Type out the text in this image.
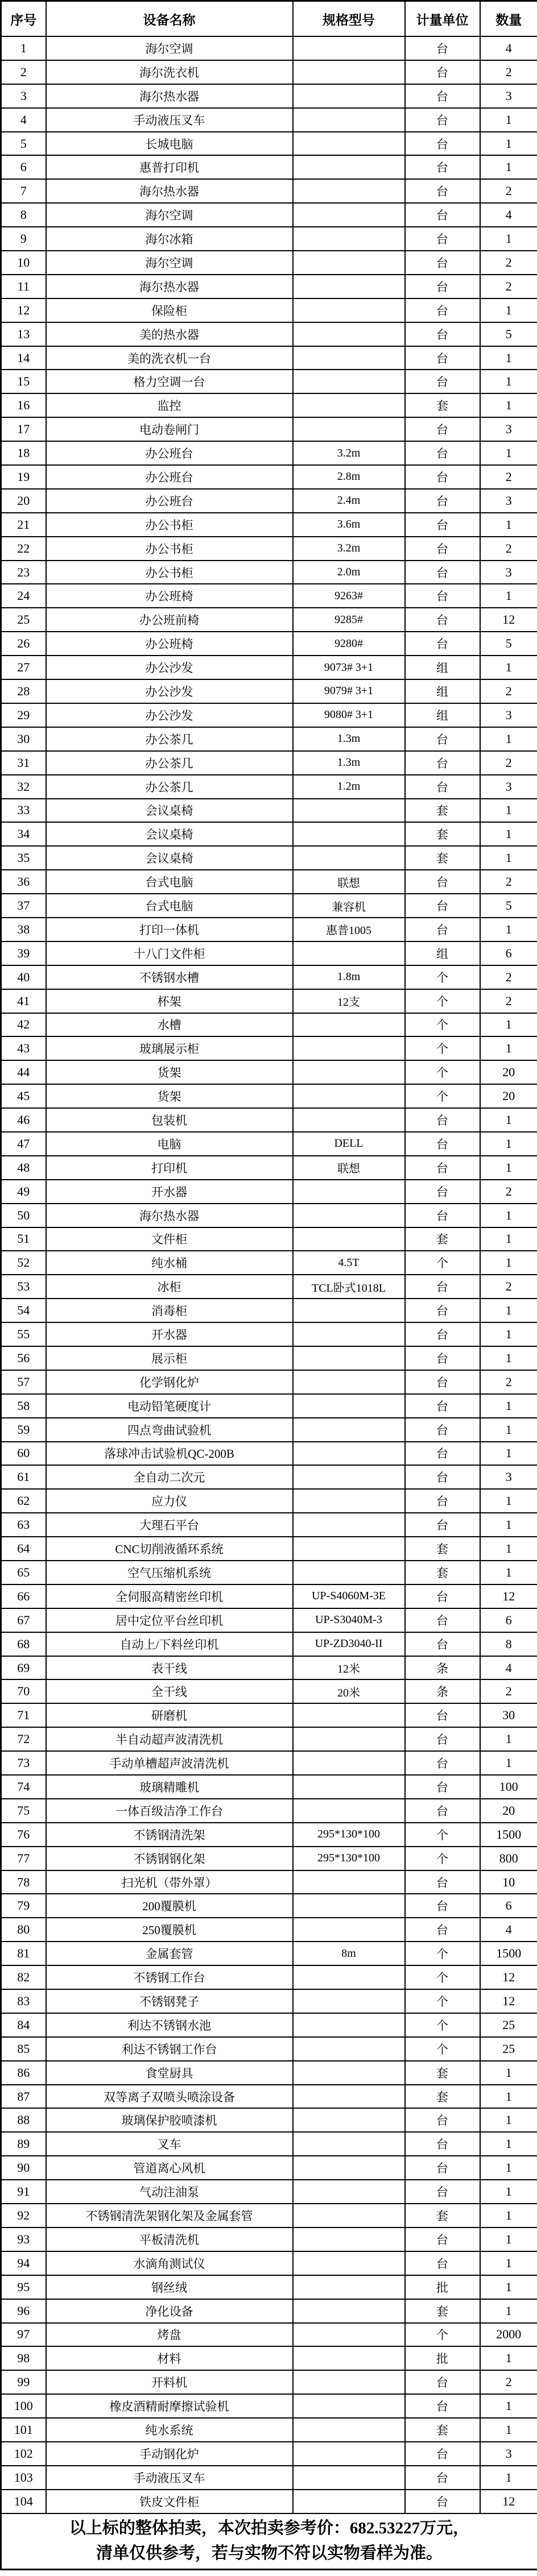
序号	设备名称	规格型号	计量单位	数量
1	海尔空调		台	4
2	海尔洗衣机		台	2
3	海尔热水器		台	3
4	手动液压叉车		台	1
5	长城电脑		台	1
6	惠普打印机		台	1
7	海尔热水器		台	2
8	海尔空调		台	4
9	海尔冰箱		台	1
10	海尔空调		台	2
11	海尔热水器		台	2
12	保险柜		台	1
13	美的热水器		台	5
14	美的洗衣机一台		台	1
15	格力空调一台		台	1
16	监控		套	1
17	电动卷闸门		台	3
18	办公班台	3.2m	台	1
19	办公班台	2.8m	台	2
20	办公班台	2.4m	台	3
21	办公书柜	3.6m	台	1
22	办公书柜	3.2m	台	2
23	办公书柜	2.0m	台	3
24	办公班椅	9263#	台	1
25	办公班前椅	9285#	台	12
26	办公班椅	9280#	台	5
27	办公沙发	9073# 3+1	组	1
28	办公沙发	9079# 3+1	组	2
29	办公沙发	9080# 3+1	组	3
30	办公茶几	1.3m	台	1
31	办公茶几	1.3m	台	2
32	办公茶几	1.2m	台	3
33	会议桌椅		套	1
34	会议桌椅		套	1
35	会议桌椅		套	1
36	台式电脑	联想	台	2
37	台式电脑	兼容机	台	5
38	打印一体机	惠普1005	台	1
39	十八门文件柜		组	6
40	不锈钢水槽	1.8m	个	2
41	杯架	12支	个	2
42	水槽		个	1
43	玻璃展示柜		个	1
44	货架		个	20
45	货架		个	20
46	包装机		台	1
47	电脑	DELL	台	1
48	打印机	联想	台	1
49	开水器		台	2
50	海尔热水器		台	1
51	文件柜		套	1
52	纯水桶	4.5T	个	1
53	冰柜	TCL卧式1018L	台	2
54	消毒柜		台	1
55	开水器		台	1
56	展示柜		台	1
57	化学钢化炉		台	2
58	电动铅笔硬度计		台	1
59	四点弯曲试验机		台	1
60	落球冲击试验机QC-200B		台	1
61	全自动二次元		台	3
62	应力仪		台	1
63	大理石平台		台	1
64	CNC切削液循环系统		套	1
65	空气压缩机系统		套	1
66	全伺服高精密丝印机	UP-S4060M-3E	台	12
67	居中定位平台丝印机	UP-S3040M-3	台	6
68	自动上/下料丝印机	UP-ZD3040-II	台	8
69	表干线	12米	条	4
70	全干线	20米	条	2
71	研磨机		台	30
72	半自动超声波清洗机		台	1
73	手动单槽超声波清洗机		台	1
74	玻璃精雕机		台	100
75	一体百级洁净工作台		台	20
76	不锈钢清洗架	295*130*100	个	1500
77	不锈钢钢化架	295*130*100	个	800
78	扫光机（带外罩）		台	10
79	200覆膜机		台	6
80	250覆膜机		台	4
81	金属套管	8m	个	1500
82	不锈钢工作台		个	12
83	不锈钢凳子		个	12
84	利达不锈钢水池		个	25
85	利达不锈钢工作台		个	25
86	食堂厨具		套	1
87	双等离子双喷头喷涂设备		套	1
88	玻璃保护胶喷漆机		台	1
89	叉车		台	1
90	管道离心风机		台	1
91	气动注油泵		台	1
92	不锈钢清洗架钢化架及金属套管		套	1
93	平板清洗机		台	1
94	水滴角测试仪		台	1
95	钢丝绒		批	1
96	净化设备		套	1
97	烤盘		个	2000
98	材料		批	1
99	开料机		台	2
100	橡皮酒精耐摩擦试验机		台	1
101	纯水系统		套	1
102	手动钢化炉		台	3
103	手动液压叉车		台	1
104	铁皮文件柜		台	12

以上标的整体拍卖，本次拍卖参考价：682.53227万元，
清单仅供参考，若与实物不符以实物看样为准。				
